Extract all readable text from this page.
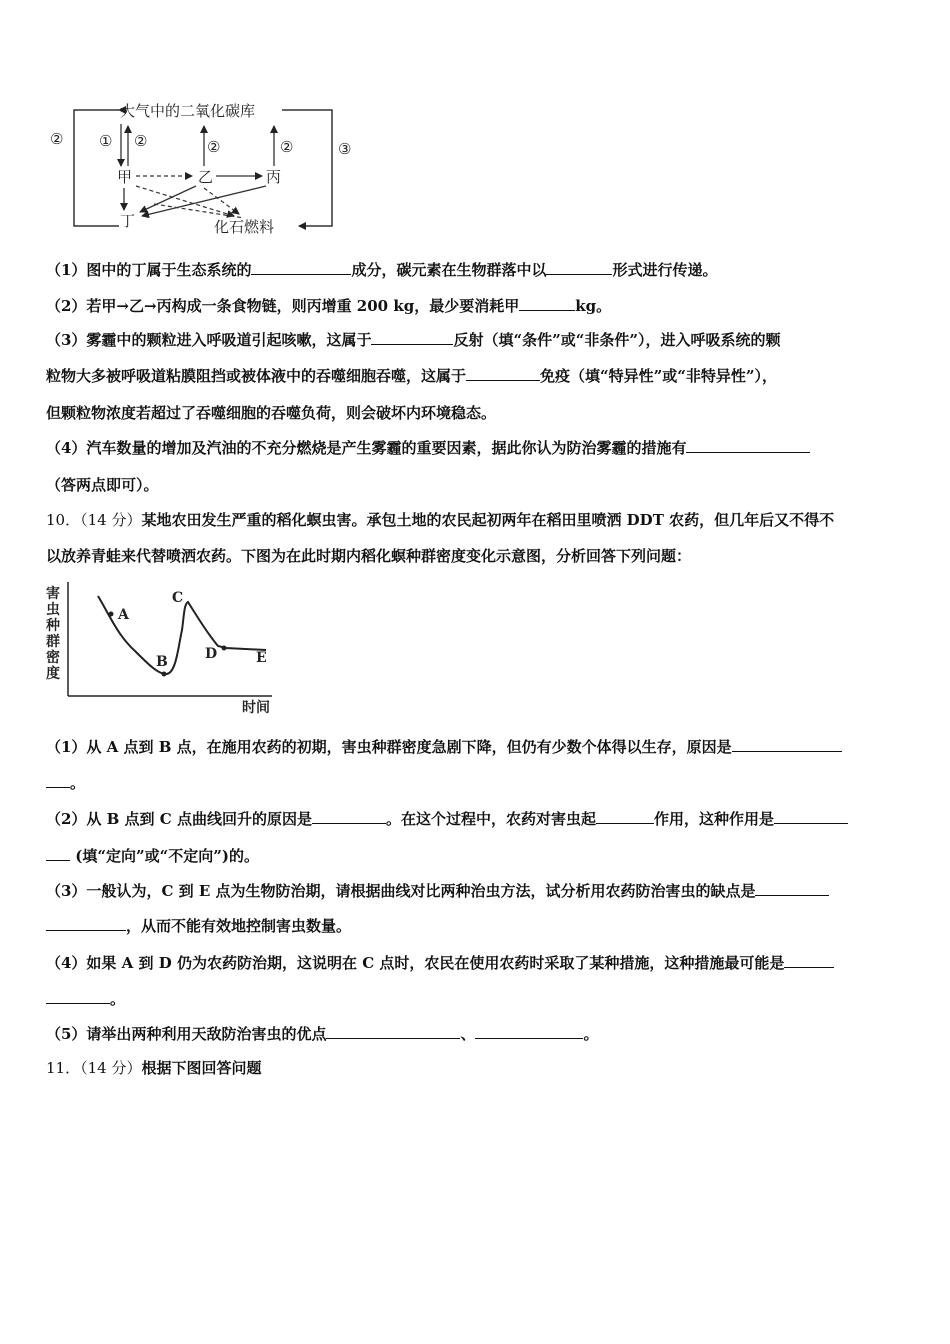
大气中的二氧化碳库
② ① ②	②	②	③
甲	乙	丙
丁	化石燃料
（1）图中的丁属于生态系统的	成分，碳元素在生物群落中以	形式进行传递。
（2）若甲→乙→丙构成一条食物链，则丙增重 200 kg，最少要消耗甲	kg。
（3）雾霾中的颗粒进入呼吸道引起咳嗽，这属于	反射（填“条件”或“非条件”），进入呼吸系统的颗
粒物大多被呼吸道粘膜阻挡或被体液中的吞噬细胞吞噬，这属于	免疫（填“特异性”或“非特异性”），
但颗粒物浓度若超过了吞噬细胞的吞噬负荷，则会破坏内环境稳态。
（4）汽车数量的增加及汽油的不充分燃烧是产生雾霾的重要因素，据此你认为防治雾霾的措施有
（答两点即可）。
10．（14 分）某地农田发生严重的稻化螟虫害。承包土地的农民起初两年在稻田里喷洒 DDT 农药，但几年后又不得不
以放养青蛙来代替喷洒农药。下图为在此时期内稻化螟种群密度变化示意图，分析回答下列问题：
害
虫
种
群
密
度
A
B
C
D	E
时间
（1）从 A 点到 B 点，在施用农药的初期，害虫种群密度急剧下降，但仍有少数个体得以生存，原因是
。
（2）从 B 点到 C 点曲线回升的原因是	。在这个过程中，农药对害虫起	作用，这种作用是
(填“定向”或“不定向”)的。
（3）一般认为，C 到 E 点为生物防治期，请根据曲线对比两种治虫方法，试分析用农药防治害虫的缺点是
，从而不能有效地控制害虫数量。
（4）如果 A 到 D 仍为农药防治期，这说明在 C 点时，农民在使用农药时采取了某种措施，这种措施最可能是
。
（5）请举出两种利用天敌防治害虫的优点	、	。
11．（14 分）根据下图回答问题
